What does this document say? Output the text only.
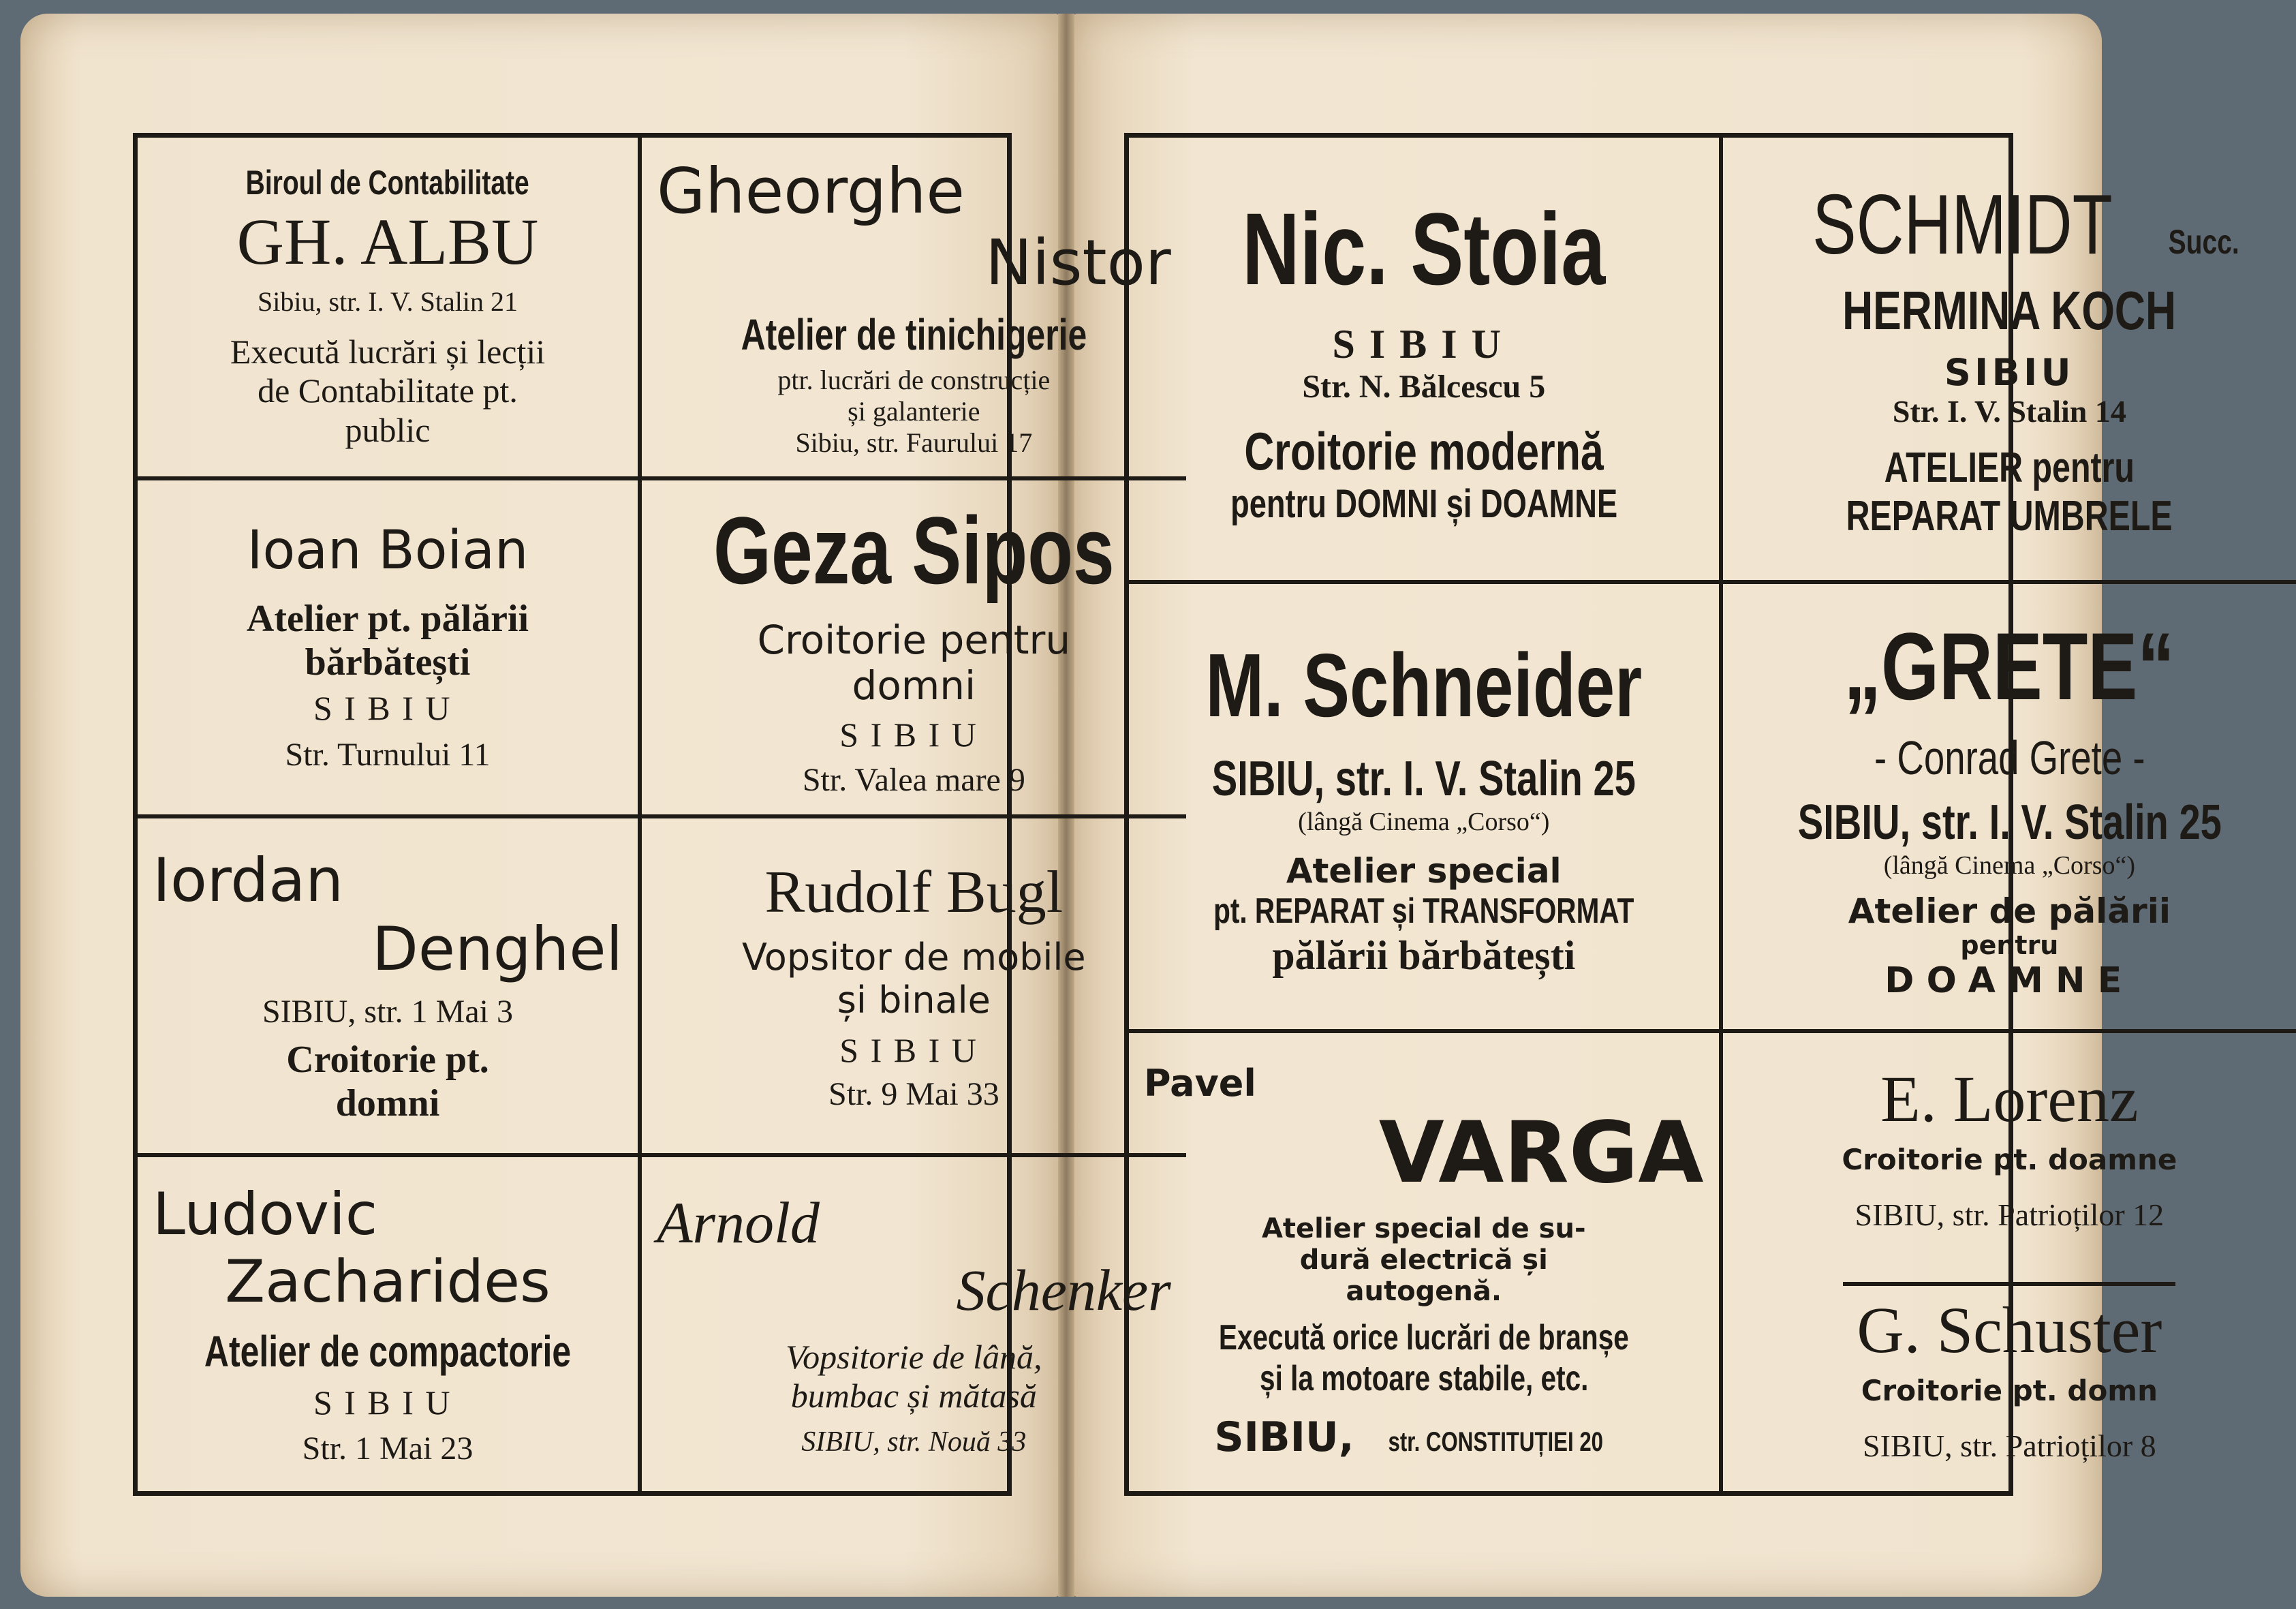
Biroul de Contabilitate
GH. ALBU
Sibiu, str. I. V. Stalin 21
Execută lucrări și lecții
de Contabilitate pt.
public
Gheorghe
Nistor
Atelier de tinichigerie
ptr. lucrări de construcție
și galanterie
Sibiu, str. Faurului 17
Ioan Boian
Atelier pt. pălării
bărbătești
SIBIU
Str. Turnului 11
Geza Sipos
Croitorie pentru
domni
SIBIU
Str. Valea mare 9
Iordan
Denghel
SIBIU, str. 1 Mai 3
Croitorie pt.
domni
Rudolf Bugl
Vopsitor de mobile
și binale
SIBIU
Str. 9 Mai 33
Ludovic
Zacharides
Atelier de compactorie
SIBIU
Str. 1 Mai 23
Arnold
Schenker
Vopsitorie de lână,
bumbac și mătasă
SIBIU, str. Nouă 33
Nic. Stoia
SIBIU
Str. N. Bălcescu 5
Croitorie modernă
pentru DOMNI și DOAMNE
SCHMIDT Succ.
HERMINA KOCH
SIBIU
Str. I. V. Stalin 14
ATELIER pentru
REPARAT UMBRELE
M. Schneider
SIBIU, str. I. V. Stalin 25
(lângă Cinema „Corso“)
Atelier special
pt. REPARAT și TRANSFORMAT
pălării bărbătești
„GRETE“
- Conrad Grete -
SIBIU, str. I. V. Stalin 25
(lângă Cinema „Corso“)
Atelier de pălării
pentru
DOAMNE
Pavel
VARGA
Atelier special de su-
dură electrică și
autogenă.
Execută orice lucrări de branșe
și la motoare stabile, etc.
SIBIU, str. CONSTITUȚIEI 20
E. Lorenz
Croitorie pt. doamne
SIBIU, str. Patrioților 12
G. Schuster
Croitorie pt. domn
SIBIU, str. Patrioților 8
